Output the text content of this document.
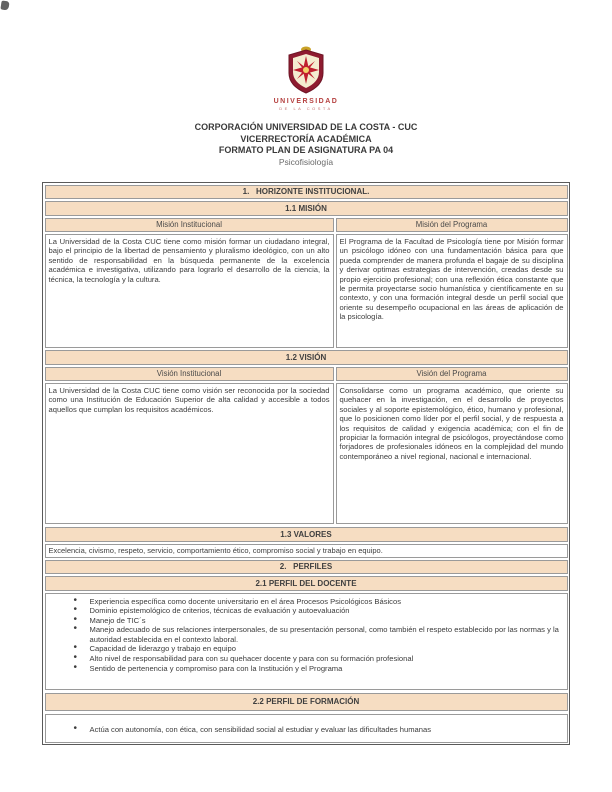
UNIVERSIDAD
DE LA COSTA
CORPORACIÓN UNIVERSIDAD DE LA COSTA - CUC
VICERRECTORÍA ACADÉMICA
FORMATO PLAN DE ASIGNATURA PA 04
Psicofisiología
1.   HORIZONTE INSTITUCIONAL.
1.1 MISIÓN
Misión Institucional	Misión del Programa
La Universidad de la Costa CUC tiene como misión formar un ciudadano integral, bajo el principio de la libertad de pensamiento y pluralismo ideológico, con un alto sentido de responsabilidad en la búsqueda permanente de la excelencia académica e investigativa, utilizando para lograrlo el desarrollo de la ciencia, la técnica, la tecnología y la cultura.
El Programa de la Facultad de Psicología tiene por Misión formar un psicólogo idóneo con una fundamentación básica para que pueda comprender de manera profunda el bagaje de su disciplina y derivar optimas estrategias de intervención, creadas desde su propio ejercicio profesional; con una reflexión ética constante que le permita proyectarse socio humanística y científicamente en su contexto, y con una formación integral desde un perfil social que oriente su desempeño ocupacional en las áreas de aplicación de la psicología.
1.2 VISIÓN
Visión Institucional	Visión del Programa
La Universidad de la Costa CUC tiene como visión ser reconocida por la sociedad como una Institución de Educación Superior de alta calidad y accesible a todos aquellos que cumplan los requisitos académicos.
Consolidarse como un programa académico, que oriente su quehacer en la investigación, en el desarrollo de proyectos sociales y al soporte epistemológico, ético, humano y profesional, que lo posicionen como líder por el perfil social, y de respuesta a los requisitos de calidad y exigencia académica; con el fin de propiciar la formación integral de psicólogos, proyectándose como forjadores de profesionales idóneos en la complejidad del mundo contemporáneo a nivel regional, nacional e internacional.
1.3 VALORES
Excelencia, civismo, respeto, servicio, comportamiento ético, compromiso social y trabajo en equipo.
2.   PERFILES
2.1 PERFIL DEL DOCENTE
• Experiencia específica como docente universitario en el área Procesos Psicológicos Básicos
• Dominio epistemológico de criterios, técnicas de evaluación y autoevaluación
• Manejo de TIC´s
• Manejo adecuado de sus relaciones interpersonales, de su presentación personal, como también el respeto establecido por las normas y la autoridad establecida en el contexto laboral.
• Capacidad de liderazgo y trabajo en equipo
• Alto nivel de responsabilidad para con su quehacer docente y para con su formación profesional
• Sentido de pertenencia y compromiso para con la Institución y el Programa
2.2 PERFIL DE FORMACIÓN
• Actúa con autonomía, con ética, con sensibilidad social al estudiar y evaluar las dificultades humanas
